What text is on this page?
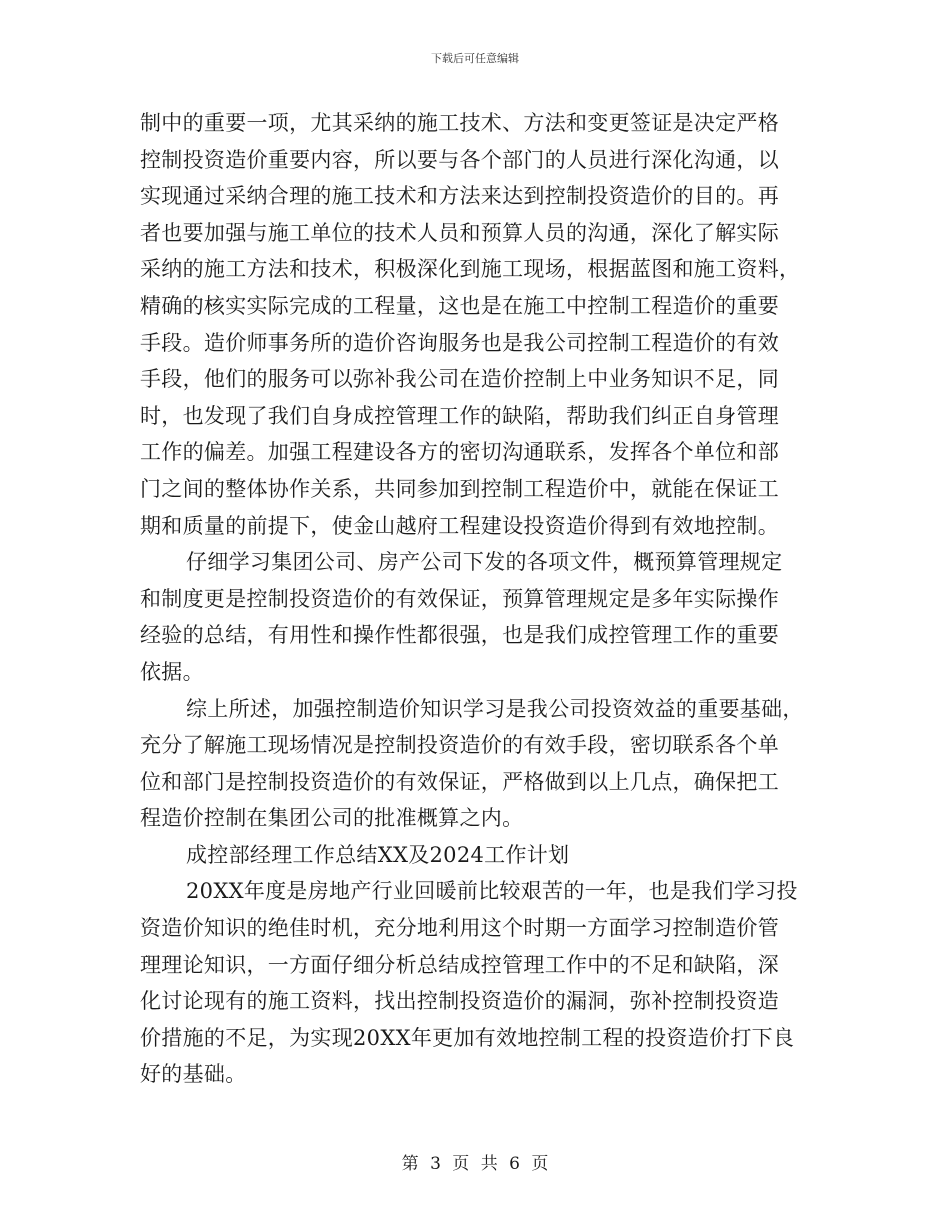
下载后可任意编辑
制中的重要一项，尤其采纳的施工技术、方法和变更签证是决定严格
控制投资造价重要内容，所以要与各个部门的人员进行深化沟通，以
实现通过采纳合理的施工技术和方法来达到控制投资造价的目的。再
者也要加强与施工单位的技术人员和预算人员的沟通，深化了解实际
采纳的施工方法和技术，积极深化到施工现场，根据蓝图和施工资料，
精确的核实实际完成的工程量，这也是在施工中控制工程造价的重要
手段。造价师事务所的造价咨询服务也是我公司控制工程造价的有效
手段，他们的服务可以弥补我公司在造价控制上中业务知识不足，同
时，也发现了我们自身成控管理工作的缺陷，帮助我们纠正自身管理
工作的偏差。加强工程建设各方的密切沟通联系，发挥各个单位和部
门之间的整体协作关系，共同参加到控制工程造价中，就能在保证工
期和质量的前提下，使金山越府工程建设投资造价得到有效地控制。
仔细学习集团公司、房产公司下发的各项文件，概预算管理规定
和制度更是控制投资造价的有效保证，预算管理规定是多年实际操作
经验的总结，有用性和操作性都很强，也是我们成控管理工作的重要
依据。
综上所述，加强控制造价知识学习是我公司投资效益的重要基础，
充分了解施工现场情况是控制投资造价的有效手段，密切联系各个单
位和部门是控制投资造价的有效保证，严格做到以上几点，确保把工
程造价控制在集团公司的批准概算之内。
成控部经理工作总结XX及2024工作计划
20XX年度是房地产行业回暖前比较艰苦的一年，也是我们学习投
资造价知识的绝佳时机，充分地利用这个时期一方面学习控制造价管
理理论知识，一方面仔细分析总结成控管理工作中的不足和缺陷，深
化讨论现有的施工资料，找出控制投资造价的漏洞，弥补控制投资造
价措施的不足，为实现20XX年更加有效地控制工程的投资造价打下良
好的基础。
第 3 页 共 6 页
